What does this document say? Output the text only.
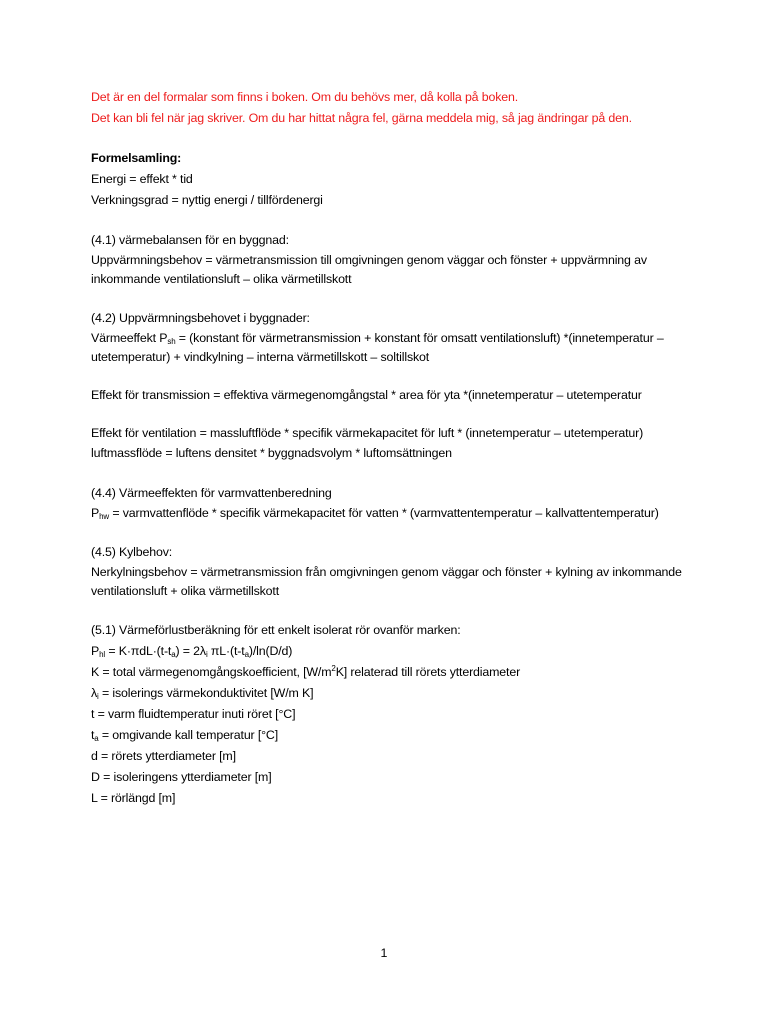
Det är en del formalar som finns i boken. Om du behövs mer, då kolla på boken.
Det kan bli fel när jag skriver. Om du har hittat några fel, gärna meddela mig, så jag ändringar på den.
Formelsamling:
Energi = effekt * tid
Verkningsgrad = nyttig energi / tillfördenergi
(4.1) värmebalansen för en byggnad:
Uppvärmningsbehov = värmetransmission till omgivningen genom väggar och fönster + uppvärmning av inkommande ventilationsluft – olika värmetillskott
(4.2) Uppvärmningsbehovet i byggnader:
Värmeeffekt $P_{sh}$ = (konstant för värmetransmission + konstant för omsatt ventilationsluft) *(innetemperatur – utetemperatur) + vindkylning – interna värmetillskott – soltillskot
Effekt för transmission = effektiva värmegenomgångstal * area för yta *(innetemperatur – utetemperatur
Effekt för ventilation = massluftflöde * specifik värmekapacitet för luft * (innetemperatur – utetemperatur)
luftmassflöde = luftens densitet * byggnadsvolym * luftomsättningen
(4.4) Värmeeffekten för varmvattenberedning
$P_{hw}$ = varmvattenflöde * specifik värmekapacitet för vatten * (varmvattentemperatur – kallvattentemperatur)
(4.5) Kylbehov:
Nerkylningsbehov = värmetransmission från omgivningen genom väggar och fönster + kylning av inkommande ventilationsluft + olika värmetillskott
(5.1) Värmeförlustberäkning för ett enkelt isolerat rör ovanför marken:
$P_{hl} = K\cdot\pi dL\cdot(t-t_a) = 2\lambda_i$ $\pi L\cdot(t-t_a)/\ln(D/d)$
K = total värmegenomgångskoefficient, $[W/m^2K]$ relaterad till rörets ytterdiameter
$\lambda_i$ = isolerings värmekonduktivitet [W/m K]
t = varm fluidtemperatur inuti röret [°C]
$t_a$ = omgivande kall temperatur [°C]
d = rörets ytterdiameter [m]
D = isoleringens ytterdiameter [m]
L = rörlängd [m]
1
